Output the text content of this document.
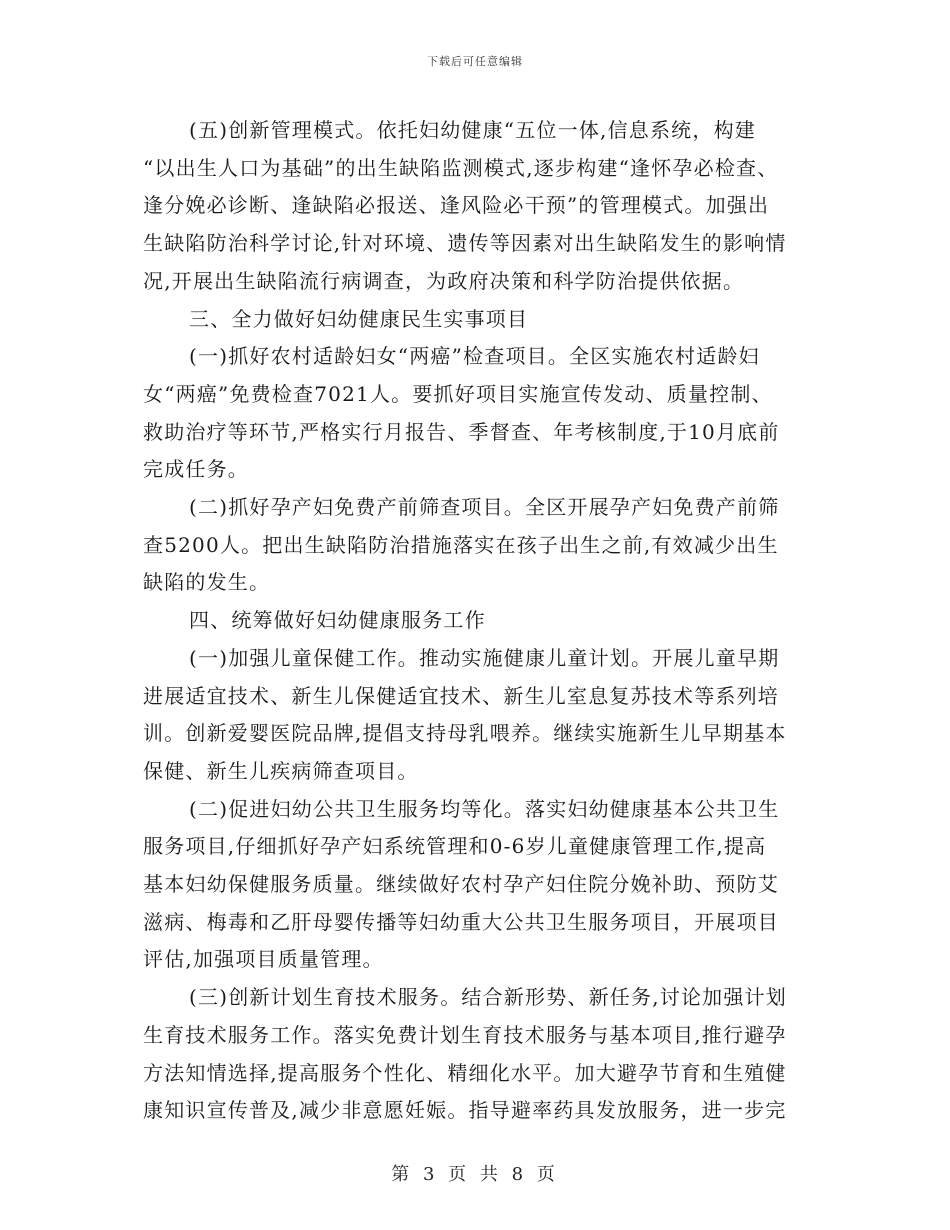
下载后可任意编辑
(五)创新管理模式。依托妇幼健康“五位一体,信息系统，构建
“以出生人口为基础”的出生缺陷监测模式,逐步构建“逢怀孕必检查、
逢分娩必诊断、逢缺陷必报送、逢风险必干预”的管理模式。加强出
生缺陷防治科学讨论,针对环境、遗传等因素对出生缺陷发生的影响情
况,开展出生缺陷流行病调查，为政府决策和科学防治提供依据。
三、全力做好妇幼健康民生实事项目
(一)抓好农村适龄妇女“两癌”检查项目。全区实施农村适龄妇
女“两癌”免费检查7021人。要抓好项目实施宣传发动、质量控制、
救助治疗等环节,严格实行月报告、季督查、年考核制度,于10月底前
完成任务。
(二)抓好孕产妇免费产前筛查项目。全区开展孕产妇免费产前筛
查5200人。把出生缺陷防治措施落实在孩子出生之前,有效减少出生
缺陷的发生。
四、统筹做好妇幼健康服务工作
(一)加强儿童保健工作。推动实施健康儿童计划。开展儿童早期
进展适宜技术、新生儿保健适宜技术、新生儿室息复苏技术等系列培
训。创新爱婴医院品牌,提倡支持母乳喂养。继续实施新生儿早期基本
保健、新生儿疾病筛查项目。
(二)促进妇幼公共卫生服务均等化。落实妇幼健康基本公共卫生
服务项目,仔细抓好孕产妇系统管理和0-6岁儿童健康管理工作,提高
基本妇幼保健服务质量。继续做好农村孕产妇住院分娩补助、预防艾
滋病、梅毒和乙肝母婴传播等妇幼重大公共卫生服务项目，开展项目
评估,加强项目质量管理。
(三)创新计划生育技术服务。结合新形势、新任务,讨论加强计划
生育技术服务工作。落实免费计划生育技术服务与基本项目,推行避孕
方法知情选择,提高服务个性化、精细化水平。加大避孕节育和生殖健
康知识宣传普及,减少非意愿妊娠。指导避率药具发放服务，进一步完
第 3 页 共 8 页
